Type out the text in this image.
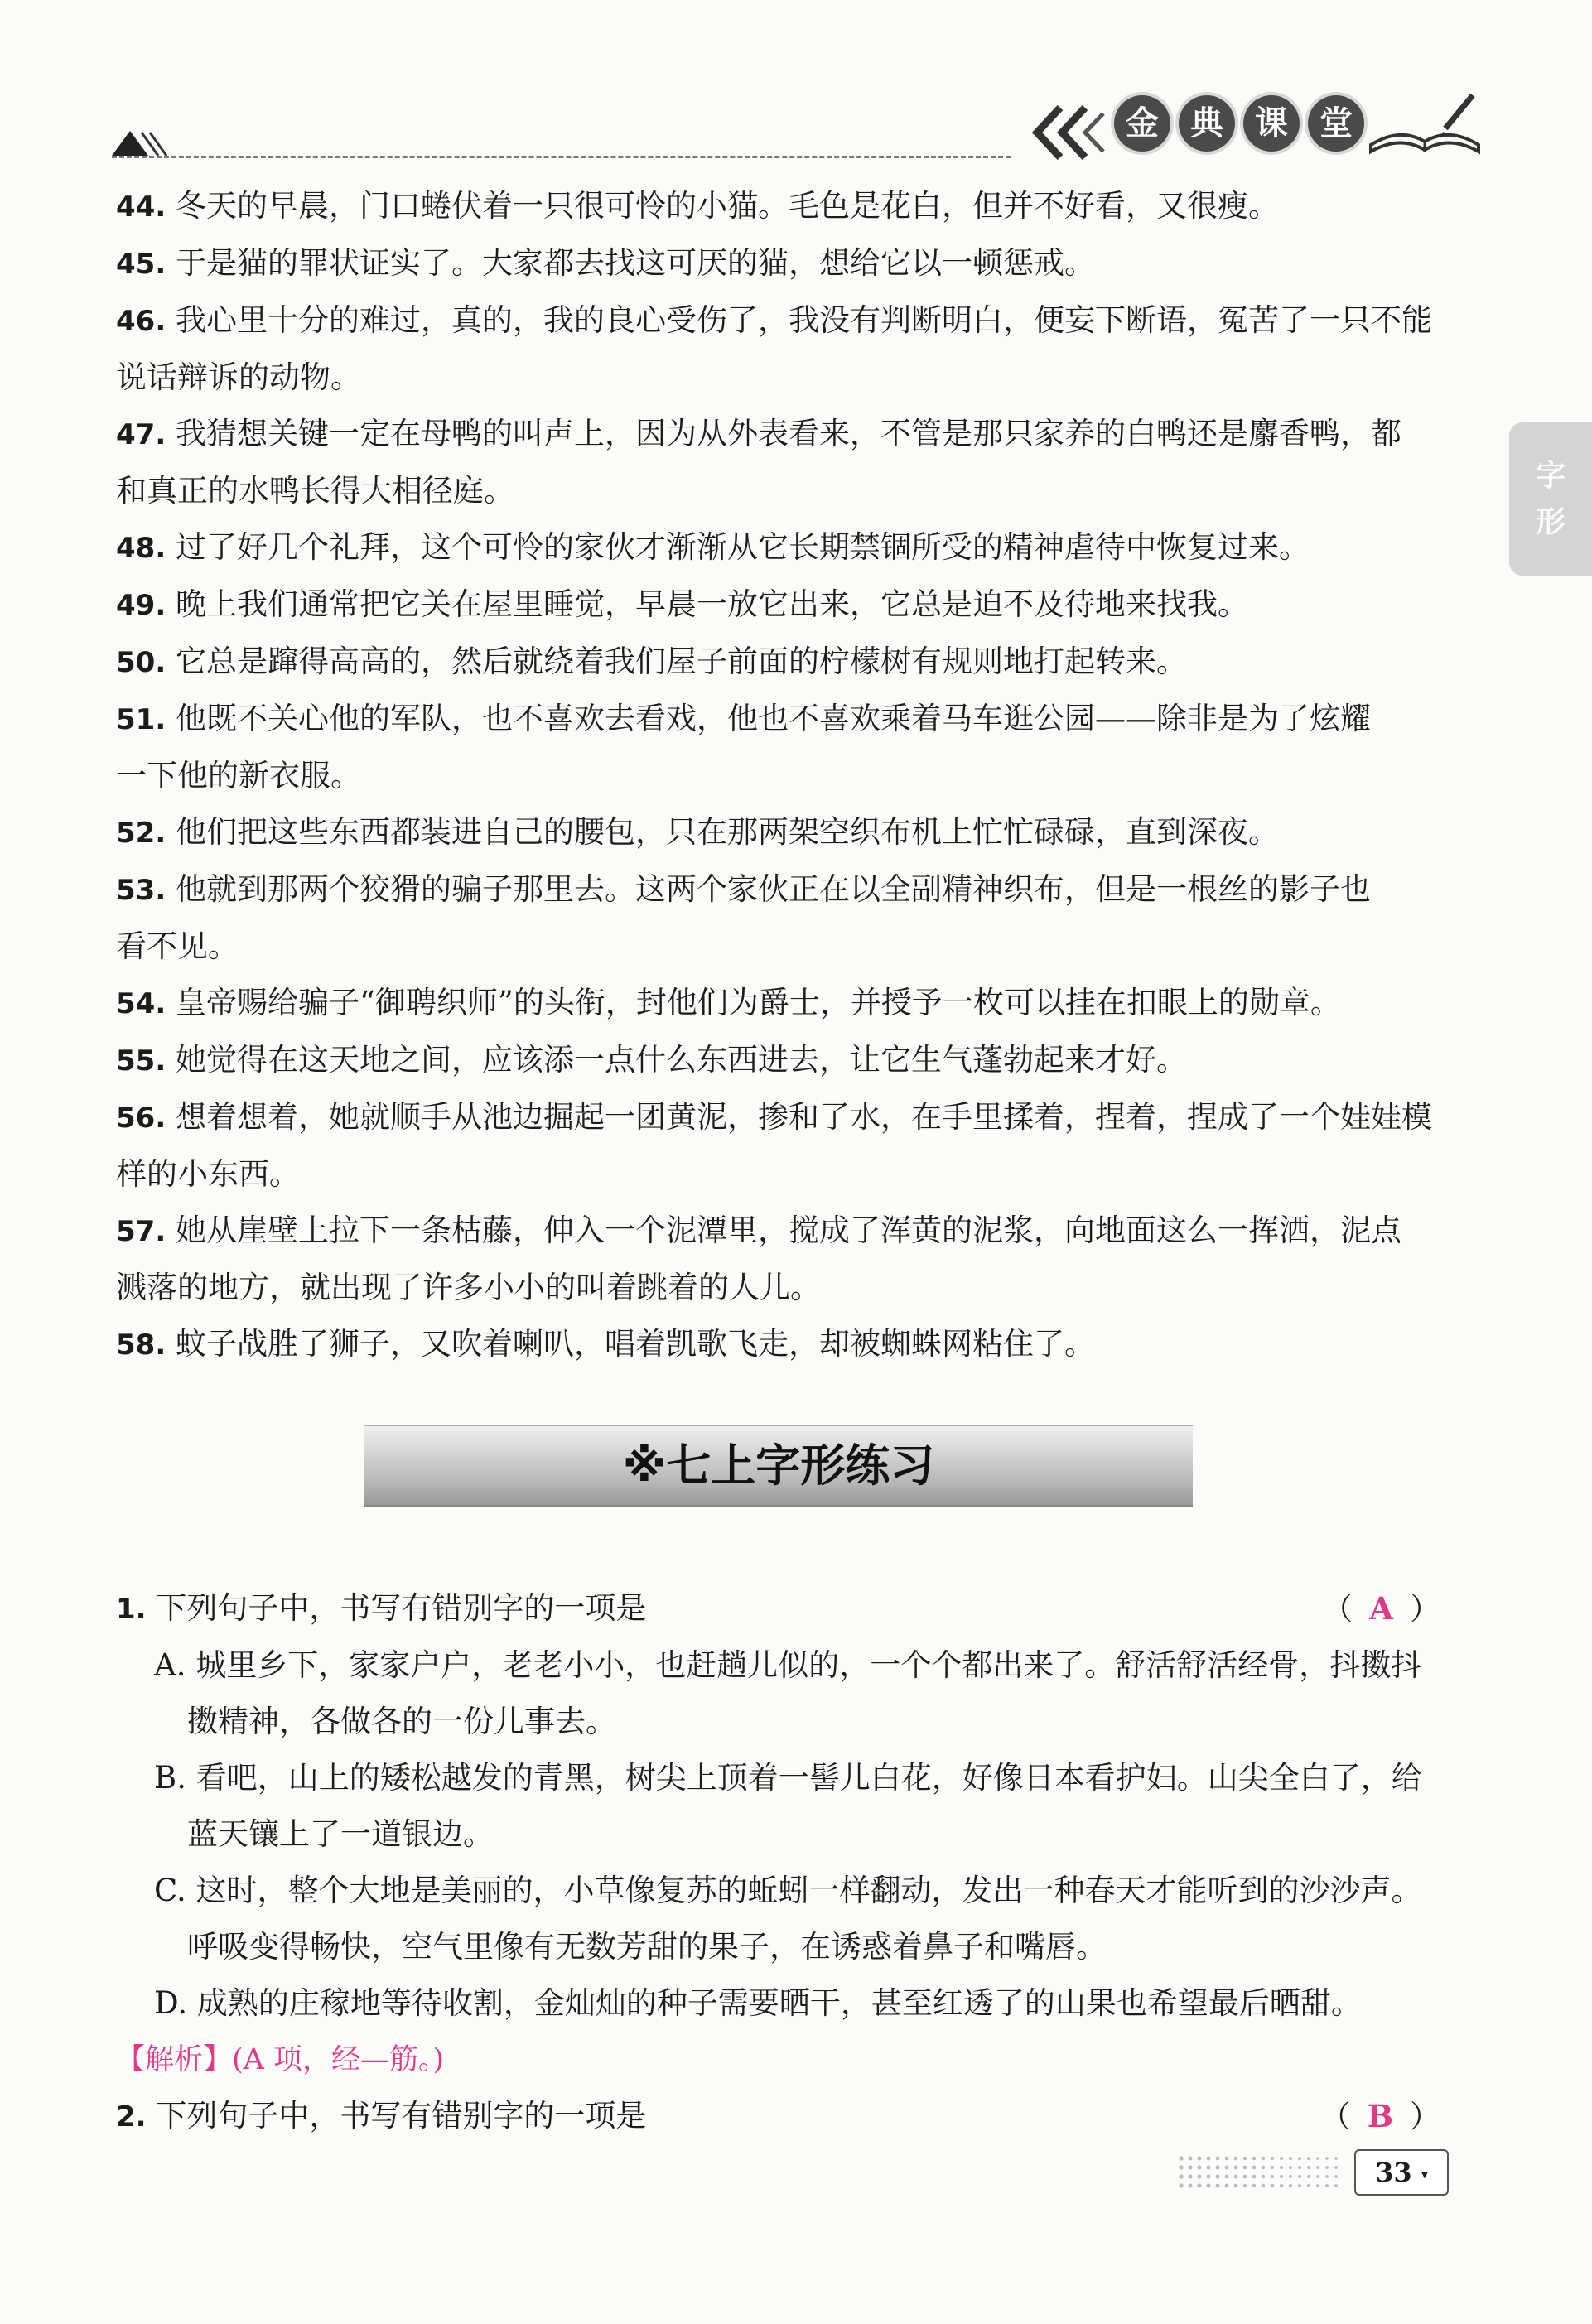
金 典 课 堂
字
形
44. 冬天的早晨，门口蜷伏着一只很可怜的小猫。毛色是花白，但并不好看，又很瘦。
45. 于是猫的罪状证实了。大家都去找这可厌的猫，想给它以一顿惩戒。
46. 我心里十分的难过，真的，我的良心受伤了，我没有判断明白，便妄下断语，冤苦了一只不能
说话辩诉的动物。
47. 我猜想关键一定在母鸭的叫声上，因为从外表看来，不管是那只家养的白鸭还是麝香鸭，都
和真正的水鸭长得大相径庭。
48. 过了好几个礼拜，这个可怜的家伙才渐渐从它长期禁锢所受的精神虐待中恢复过来。
49. 晚上我们通常把它关在屋里睡觉，早晨一放它出来，它总是迫不及待地来找我。
50. 它总是蹿得高高的，然后就绕着我们屋子前面的柠檬树有规则地打起转来。
51. 他既不关心他的军队，也不喜欢去看戏，他也不喜欢乘着马车逛公园——除非是为了炫耀
一下他的新衣服。
52. 他们把这些东西都装进自己的腰包，只在那两架空织布机上忙忙碌碌，直到深夜。
53. 他就到那两个狡猾的骗子那里去。这两个家伙正在以全副精神织布，但是一根丝的影子也
看不见。
54. 皇帝赐给骗子“御聘织师”的头衔，封他们为爵士，并授予一枚可以挂在扣眼上的勋章。
55. 她觉得在这天地之间，应该添一点什么东西进去，让它生气蓬勃起来才好。
56. 想着想着，她就顺手从池边掘起一团黄泥，掺和了水，在手里揉着，捏着，捏成了一个娃娃模
样的小东西。
57. 她从崖壁上拉下一条枯藤，伸入一个泥潭里，搅成了浑黄的泥浆，向地面这么一挥洒，泥点
溅落的地方，就出现了许多小小的叫着跳着的人儿。
58. 蚊子战胜了狮子，又吹着喇叭，唱着凯歌飞走，却被蜘蛛网粘住了。
※七上字形练习
1. 下列句子中，书写有错别字的一项是	（ A ）
A. 城里乡下，家家户户，老老小小，也赶趟儿似的，一个个都出来了。舒活舒活经骨，抖擞抖
擞精神，各做各的一份儿事去。
B. 看吧，山上的矮松越发的青黑，树尖上顶着一髻儿白花，好像日本看护妇。山尖全白了，给
蓝天镶上了一道银边。
C. 这时，整个大地是美丽的，小草像复苏的蚯蚓一样翻动，发出一种春天才能听到的沙沙声。
呼吸变得畅快，空气里像有无数芳甜的果子，在诱惑着鼻子和嘴唇。
D. 成熟的庄稼地等待收割，金灿灿的种子需要晒干，甚至红透了的山果也希望最后晒甜。
【解析】(A 项，经—筋。)
2. 下列句子中，书写有错别字的一项是	（ B ）
33 ▾
